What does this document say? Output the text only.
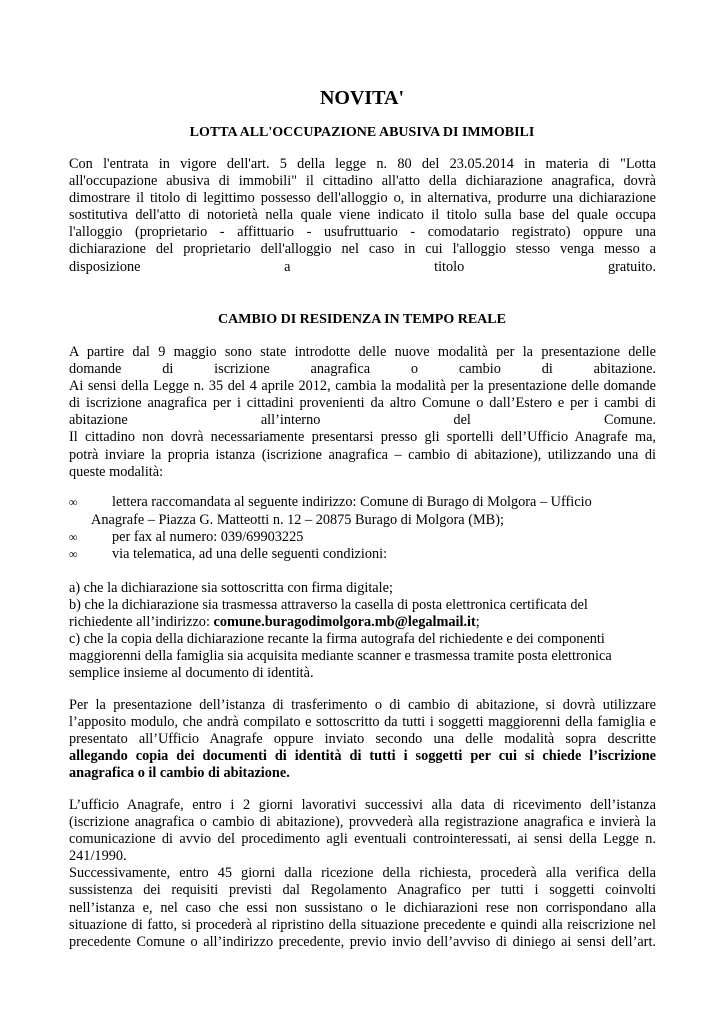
NOVITA'
LOTTA ALL'OCCUPAZIONE ABUSIVA DI IMMOBILI
Con l'entrata in vigore dell'art. 5 della legge n. 80 del 23.05.2014 in materia di "Lotta
all'occupazione abusiva di immobili" il cittadino all'atto della dichiarazione anagrafica, dovrà
dimostrare il titolo di legittimo possesso dell'alloggio o, in alternativa, produrre una dichiarazione
sostitutiva dell'atto di notorietà nella quale viene indicato il titolo sulla base del quale occupa
l'alloggio (proprietario - affittuario - usufruttuario - comodatario registrato) oppure una
dichiarazione del proprietario dell'alloggio nel caso in cui l'alloggio stesso venga messo a
disposizione a titolo gratuito.
CAMBIO DI RESIDENZA IN TEMPO REALE
A partire dal 9 maggio sono state introdotte delle nuove modalità per la presentazione delle
domande di iscrizione anagrafica o cambio di abitazione.
Ai sensi della Legge n. 35 del 4 aprile 2012, cambia la modalità per la presentazione delle domande
di iscrizione anagrafica per i cittadini provenienti da altro Comune o dall’Estero e per i cambi di
abitazione all’interno del Comune.
Il cittadino non dovrà necessariamente presentarsi presso gli sportelli dell’Ufficio Anagrafe ma,
potrà inviare la propria istanza (iscrizione anagrafica – cambio di abitazione), utilizzando una di
queste modalità:
∞ lettera raccomandata al seguente indirizzo: Comune di Burago di Molgora – Ufficio
Anagrafe – Piazza G. Matteotti n. 12 – 20875 Burago di Molgora (MB);
∞ per fax al numero: 039/69903225
∞ via telematica, ad una delle seguenti condizioni:
a) che la dichiarazione sia sottoscritta con firma digitale;
b) che la dichiarazione sia trasmessa attraverso la casella di posta elettronica certificata del
richiedente all’indirizzo: comune.buragodimolgora.mb@legalmail.it;
c) che la copia della dichiarazione recante la firma autografa del richiedente e dei componenti
maggiorenni della famiglia sia acquisita mediante scanner e trasmessa tramite posta elettronica
semplice insieme al documento di identità.
Per la presentazione dell’istanza di trasferimento o di cambio di abitazione, si dovrà utilizzare
l’apposito modulo, che andrà compilato e sottoscritto da tutti i soggetti maggiorenni della famiglia e
presentato all’Ufficio Anagrafe oppure inviato secondo una delle modalità sopra descritte
allegando copia dei documenti di identità di tutti i soggetti per cui si chiede l’iscrizione
anagrafica o il cambio di abitazione.
L’ufficio Anagrafe, entro i 2 giorni lavorativi successivi alla data di ricevimento dell’istanza
(iscrizione anagrafica o cambio di abitazione), provvederà alla registrazione anagrafica e invierà la
comunicazione di avvio del procedimento agli eventuali controinteressati, ai sensi della Legge n.
241/1990.
Successivamente, entro 45 giorni dalla ricezione della richiesta, procederà alla verifica della
sussistenza dei requisiti previsti dal Regolamento Anagrafico per tutti i soggetti coinvolti
nell’istanza e, nel caso che essi non sussistano o le dichiarazioni rese non corrispondano alla
situazione di fatto, si procederà al ripristino della situazione precedente e quindi alla reiscrizione nel
precedente Comune o all’indirizzo precedente, previo invio dell’avviso di diniego ai sensi dell’art.
